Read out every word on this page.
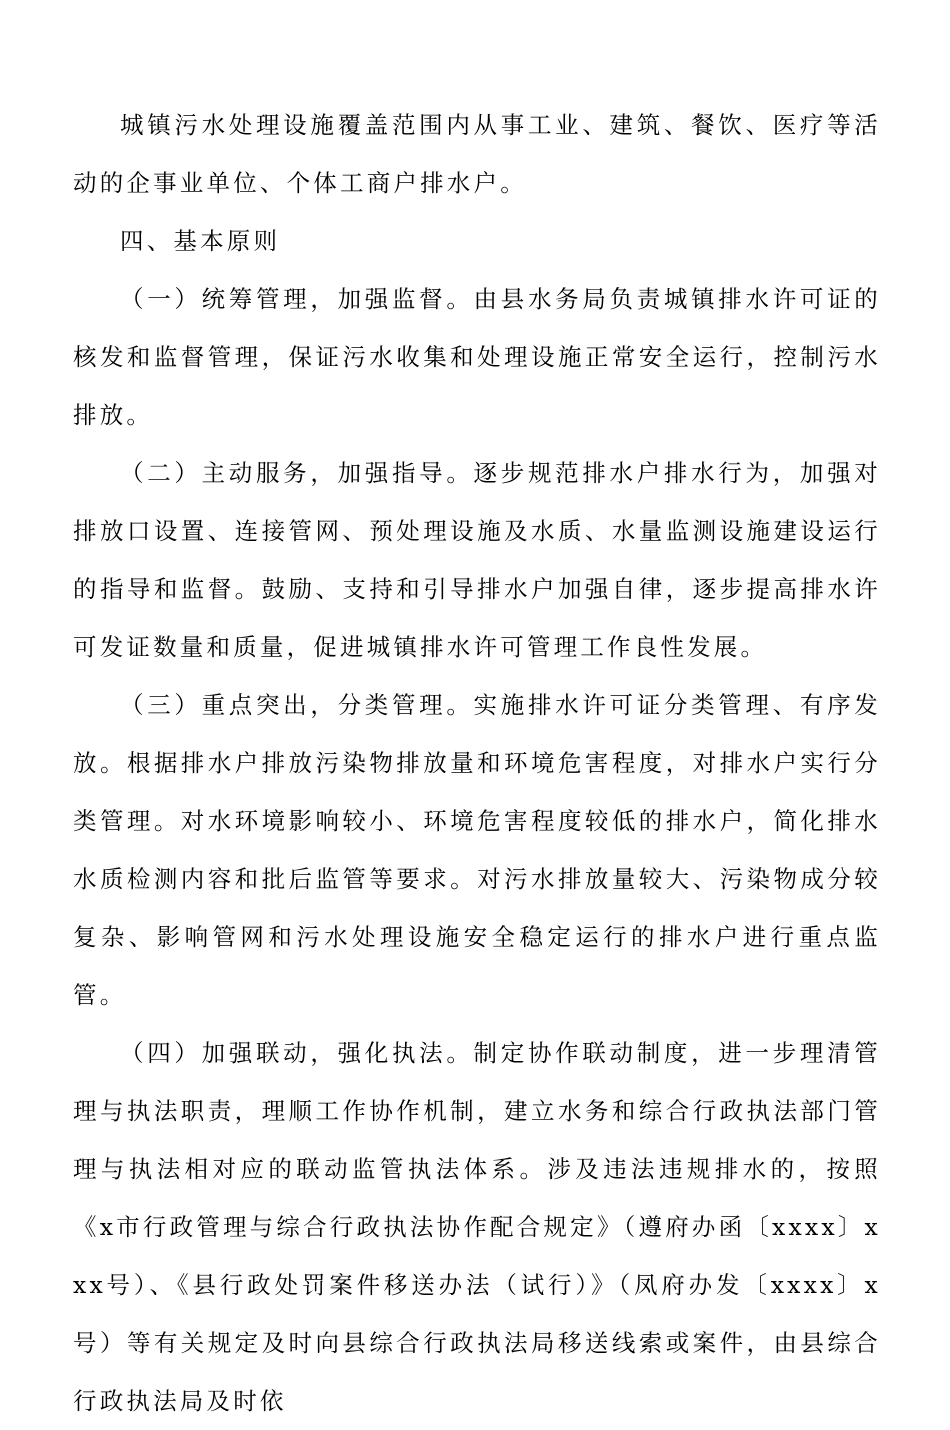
城镇污水处理设施覆盖范围内从事工业、建筑、餐饮、医疗等活动的企事业单位、个体工商户排水户。

四、基本原则

（一）统筹管理，加强监督。由县水务局负责城镇排水许可证的核发和监督管理，保证污水收集和处理设施正常安全运行，控制污水排放。

（二）主动服务，加强指导。逐步规范排水户排水行为，加强对排放口设置、连接管网、预处理设施及水质、水量监测设施建设运行的指导和监督。鼓励、支持和引导排水户加强自律，逐步提高排水许可发证数量和质量，促进城镇排水许可管理工作良性发展。

（三）重点突出，分类管理。实施排水许可证分类管理、有序发放。根据排水户排放污染物排放量和环境危害程度，对排水户实行分类管理。对水环境影响较小、环境危害程度较低的排水户，简化排水水质检测内容和批后监管等要求。对污水排放量较大、污染物成分较复杂、影响管网和污水处理设施安全稳定运行的排水户进行重点监管。

（四）加强联动，强化执法。制定协作联动制度，进一步理清管理与执法职责，理顺工作协作机制，建立水务和综合行政执法部门管理与执法相对应的联动监管执法体系。涉及违法违规排水的，按照《x市行政管理与综合行政执法协作配合规定》（遵府办函〔xxxx〕xxx号）、《县行政处罚案件移送办法（试行）》（凤府办发〔xxxx〕x号）等有关规定及时向县综合行政执法局移送线索或案件，由县综合行政执法局及时依
